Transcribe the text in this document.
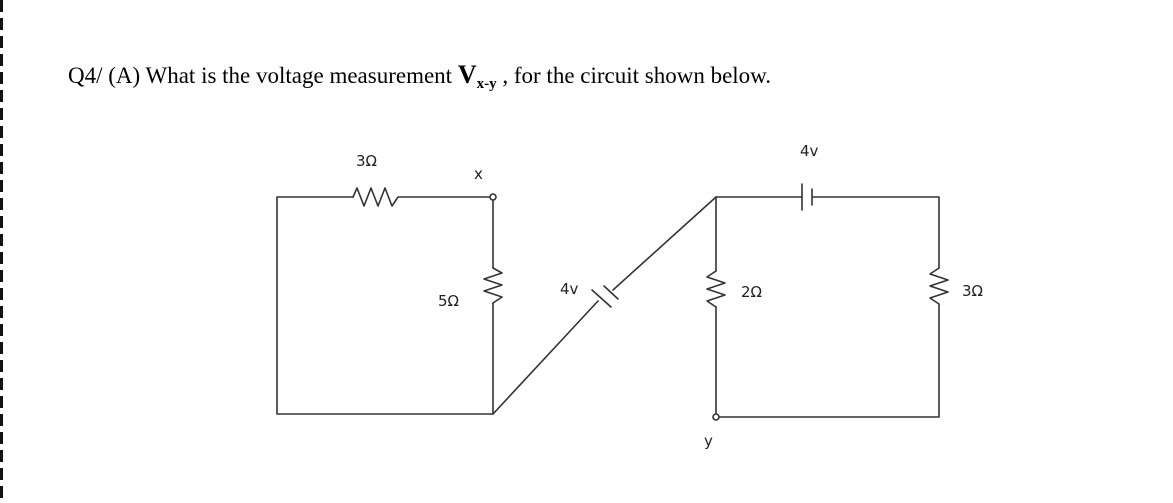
Q4/ (A) What is the voltage measurement $V_{x-y}$ , for the circuit shown below.
3Ω
x
5Ω
4v
4v
2Ω	3Ω
y
